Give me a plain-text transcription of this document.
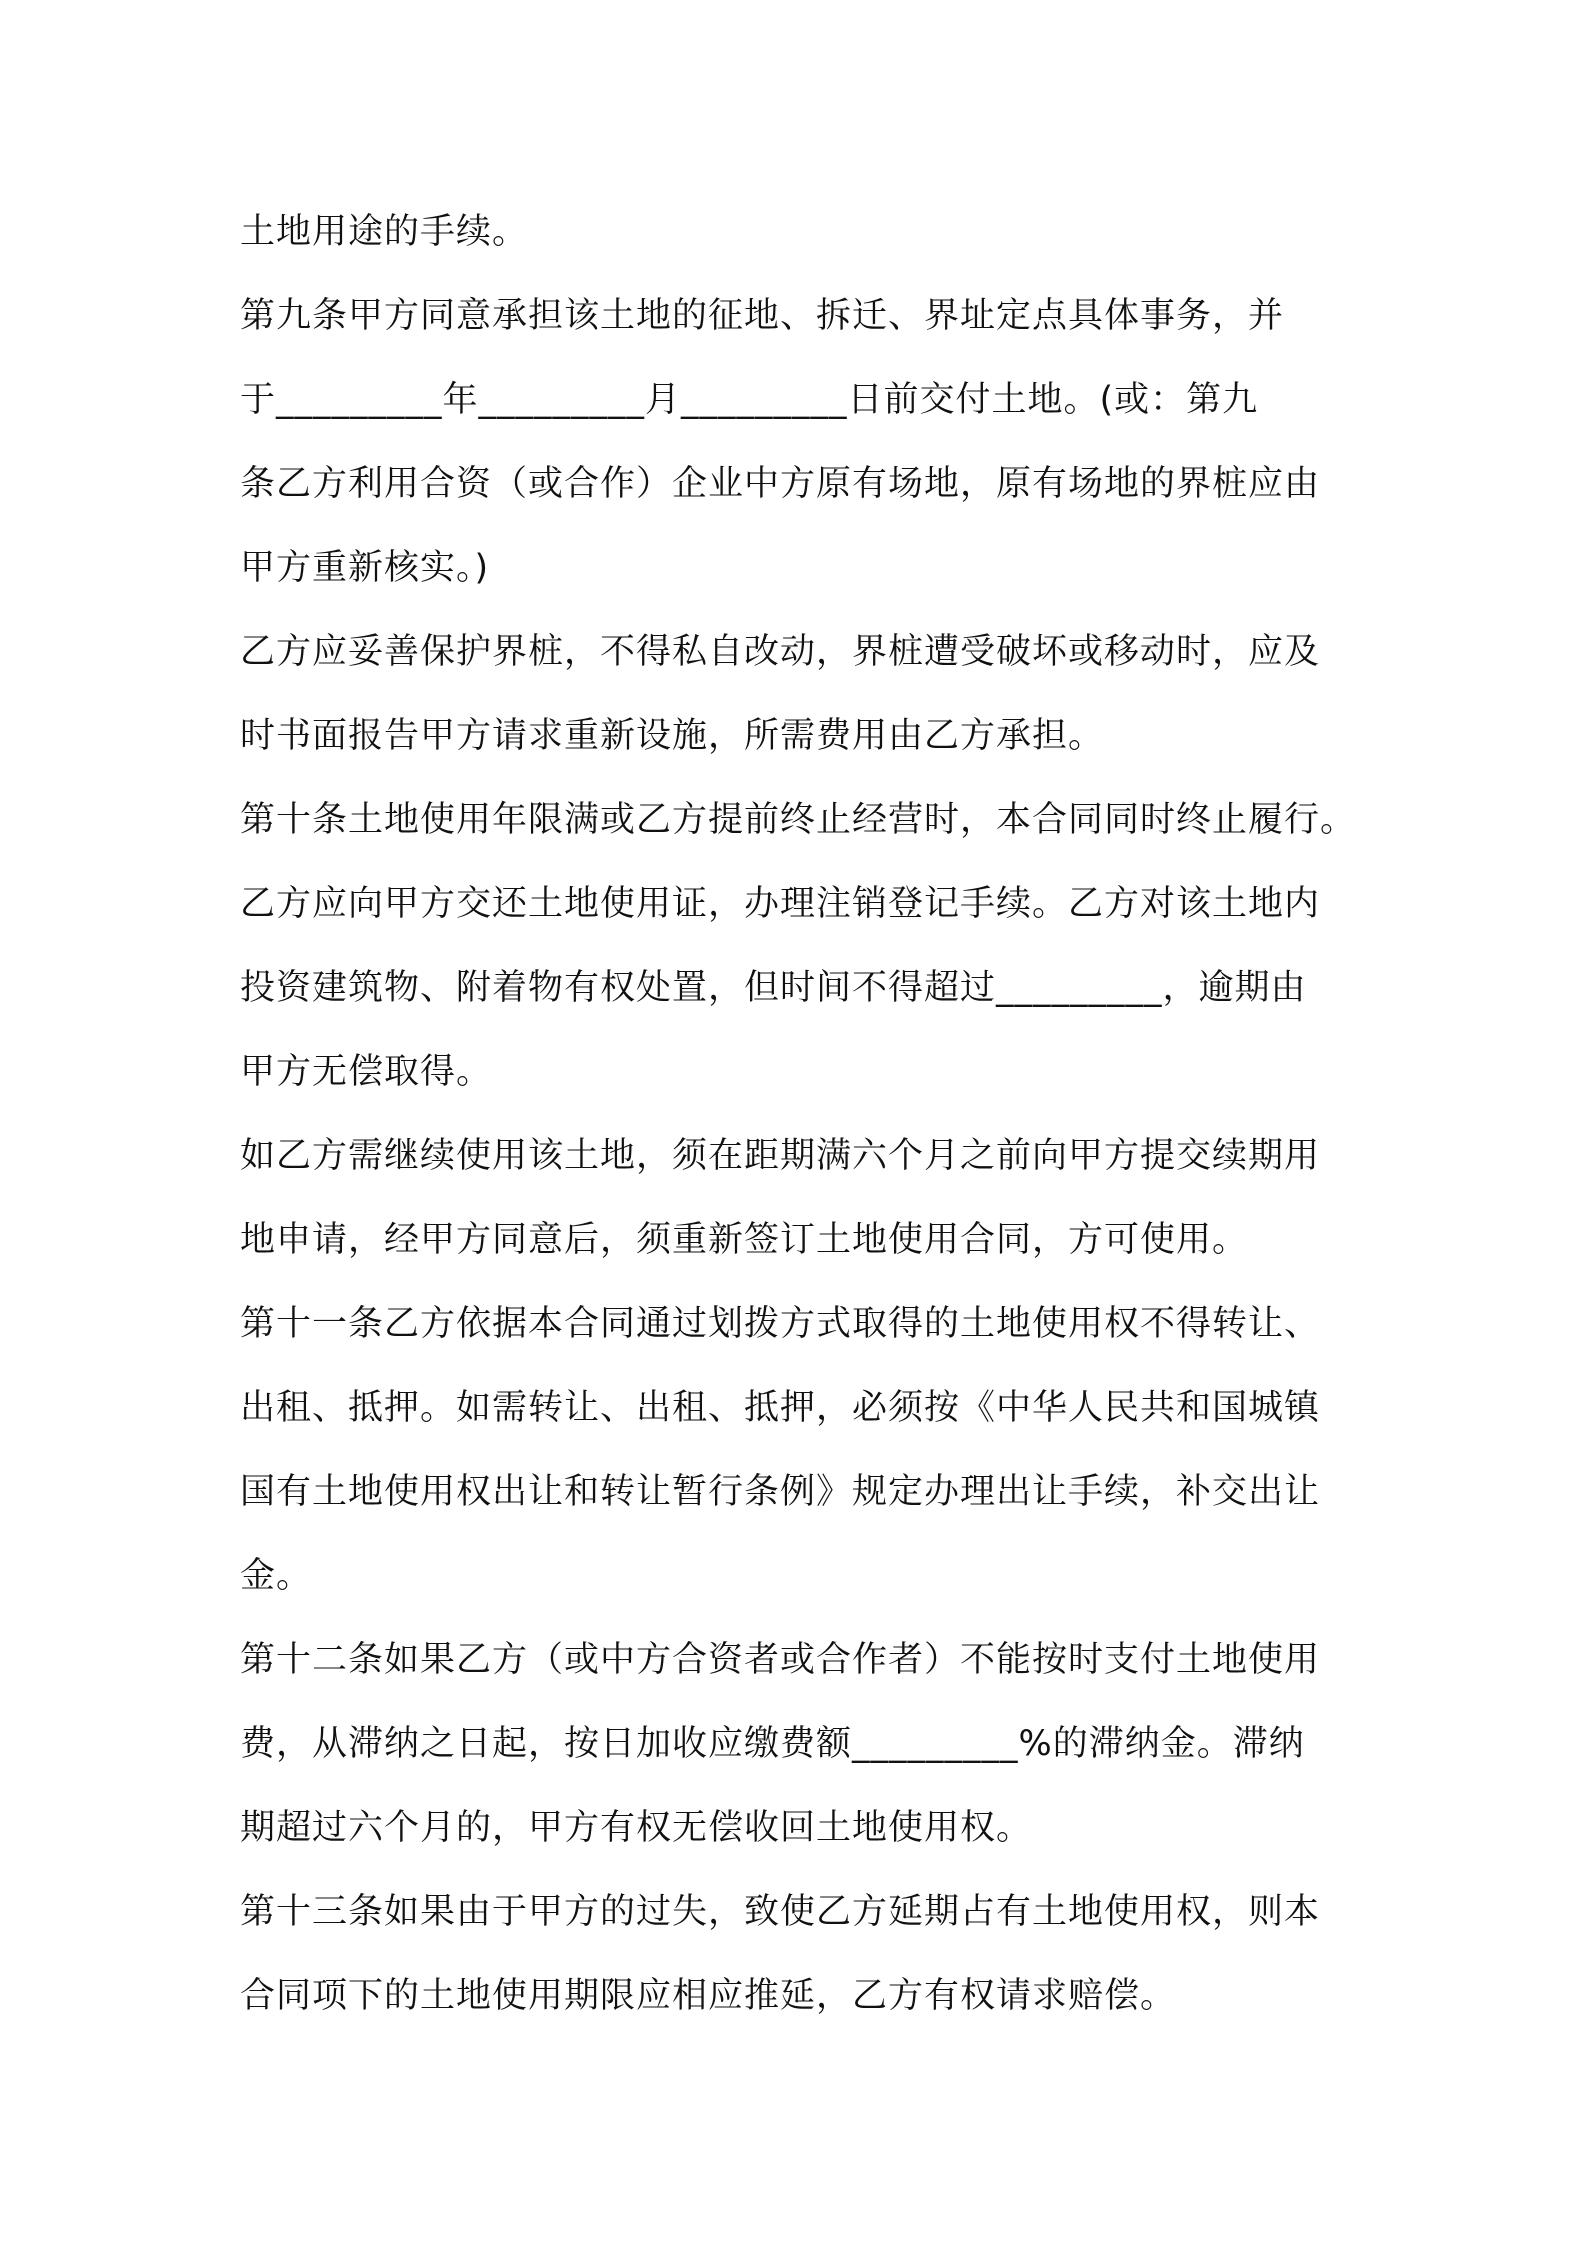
土地用途的手续。
第九条甲方同意承担该土地的征地、拆迁、界址定点具体事务，并
于_________年_________月_________日前交付土地。(或：第九
条乙方利用合资（或合作）企业中方原有场地，原有场地的界桩应由
甲方重新核实。)
乙方应妥善保护界桩，不得私自改动，界桩遭受破坏或移动时，应及
时书面报告甲方请求重新设施，所需费用由乙方承担。
第十条土地使用年限满或乙方提前终止经营时，本合同同时终止履行。
乙方应向甲方交还土地使用证，办理注销登记手续。乙方对该土地内
投资建筑物、附着物有权处置，但时间不得超过_________，逾期由
甲方无偿取得。
如乙方需继续使用该土地，须在距期满六个月之前向甲方提交续期用
地申请，经甲方同意后，须重新签订土地使用合同，方可使用。
第十一条乙方依据本合同通过划拨方式取得的土地使用权不得转让、
出租、抵押。如需转让、出租、抵押，必须按《中华人民共和国城镇
国有土地使用权出让和转让暂行条例》规定办理出让手续，补交出让
金。
第十二条如果乙方（或中方合资者或合作者）不能按时支付土地使用
费，从滞纳之日起，按日加收应缴费额_________%的滞纳金。滞纳
期超过六个月的，甲方有权无偿收回土地使用权。
第十三条如果由于甲方的过失，致使乙方延期占有土地使用权，则本
合同项下的土地使用期限应相应推延，乙方有权请求赔偿。
